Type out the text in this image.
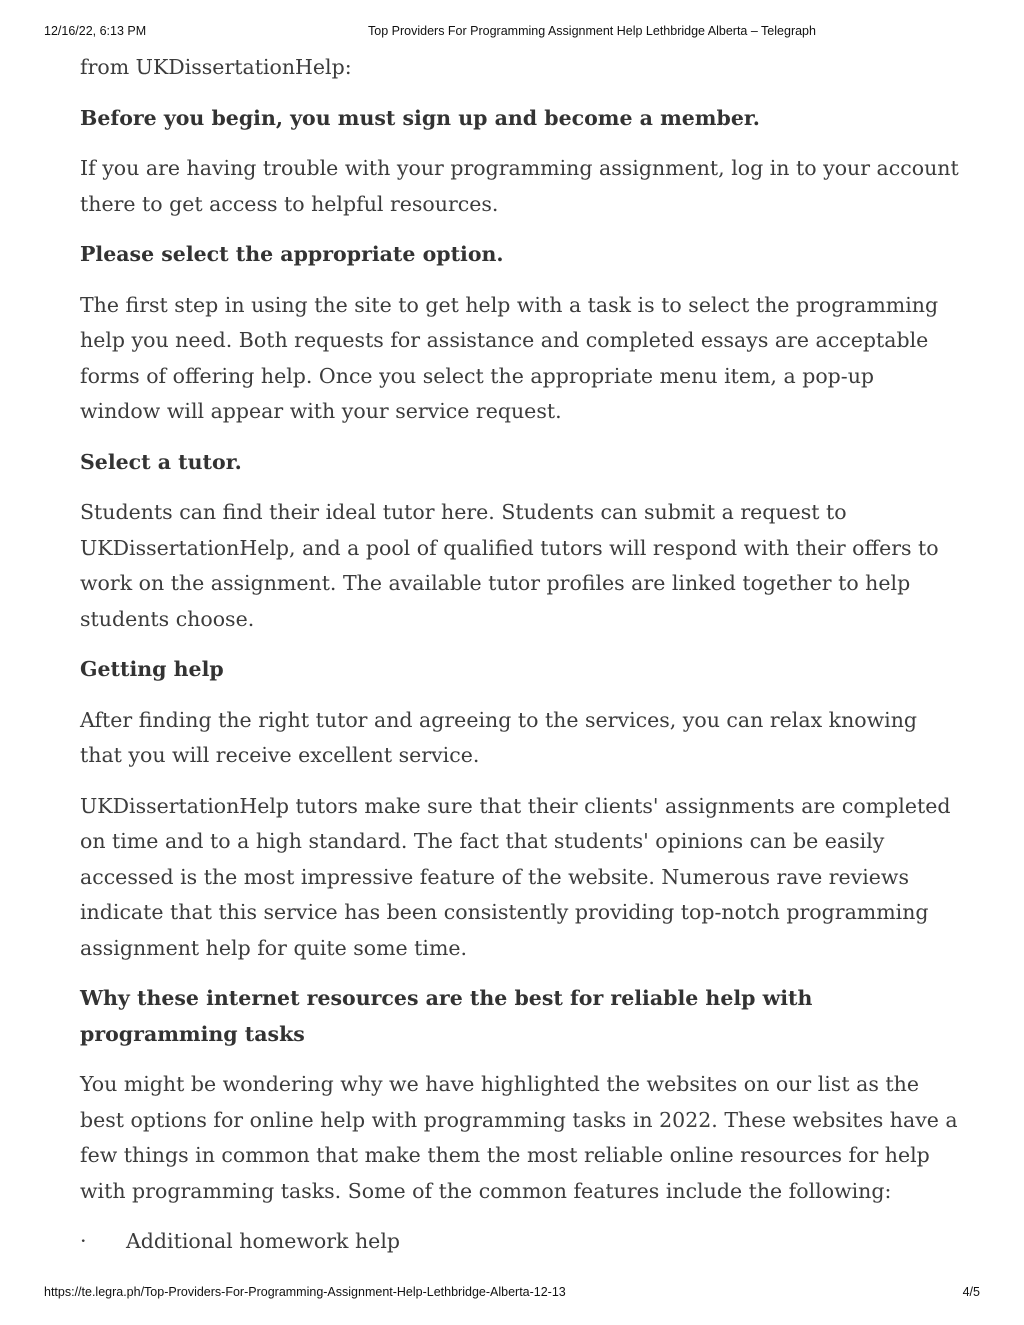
12/16/22, 6:13 PM	Top Providers For Programming Assignment Help Lethbridge Alberta – Telegraph

from UKDissertationHelp:

Before you begin, you must sign up and become a member.

If you are having trouble with your programming assignment, log in to your account there to get access to helpful resources.

Please select the appropriate option.

The first step in using the site to get help with a task is to select the programming help you need. Both requests for assistance and completed essays are acceptable forms of offering help. Once you select the appropriate menu item, a pop-up window will appear with your service request.

Select a tutor.

Students can find their ideal tutor here. Students can submit a request to UKDissertationHelp, and a pool of qualified tutors will respond with their offers to work on the assignment. The available tutor profiles are linked together to help students choose.

Getting help

After finding the right tutor and agreeing to the services, you can relax knowing that you will receive excellent service.

UKDissertationHelp tutors make sure that their clients' assignments are completed on time and to a high standard. The fact that students' opinions can be easily accessed is the most impressive feature of the website. Numerous rave reviews indicate that this service has been consistently providing top-notch programming assignment help for quite some time.

Why these internet resources are the best for reliable help with programming tasks

You might be wondering why we have highlighted the websites on our list as the best options for online help with programming tasks in 2022. These websites have a few things in common that make them the most reliable online resources for help with programming tasks. Some of the common features include the following:

·	Additional homework help
https://te.legra.ph/Top-Providers-For-Programming-Assignment-Help-Lethbridge-Alberta-12-13	4/5
